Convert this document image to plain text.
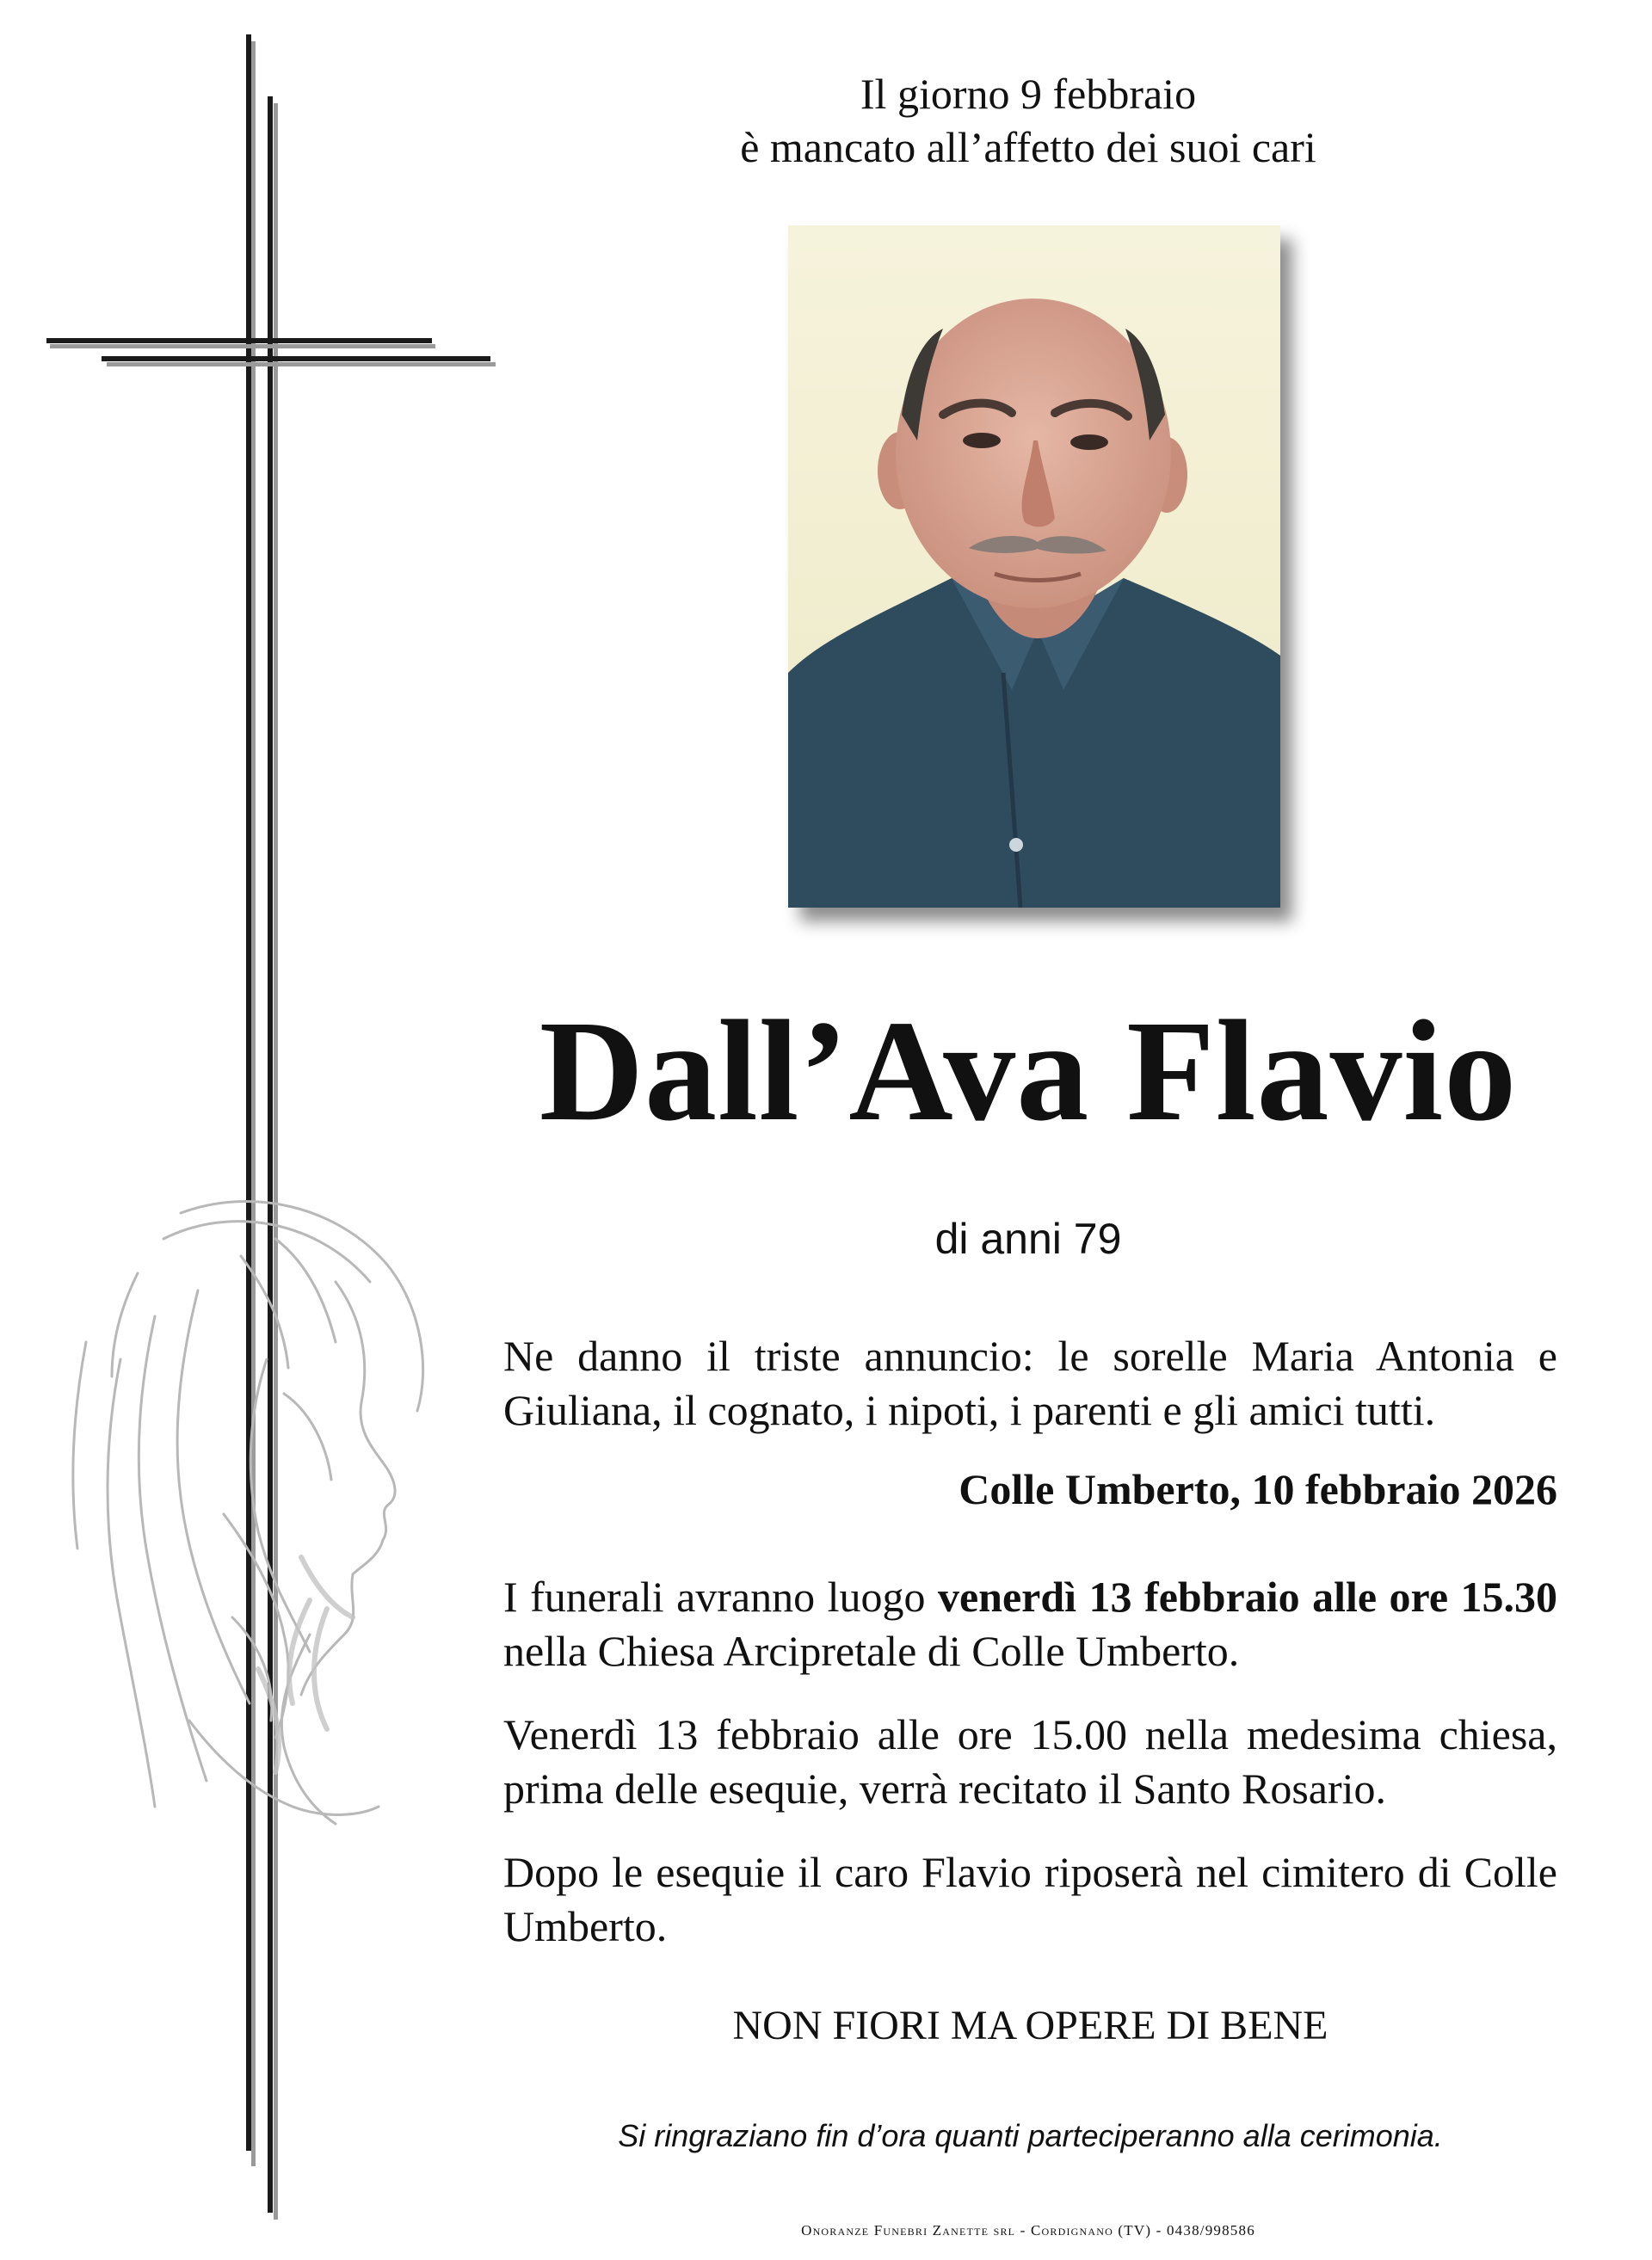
Il giorno 9 febbraio
è mancato all’affetto dei suoi cari
Dall’Ava Flavio
di anni 79
Ne danno il triste annuncio: le sorelle Maria Antonia e Giuliana, il cognato, i nipoti, i parenti e gli amici tutti.
Colle Umberto, 10 febbraio 2026
I funerali avranno luogo venerdì 13 febbraio alle ore 15.30 nella Chiesa Arcipretale di Colle Umberto.
Venerdì 13 febbraio alle ore 15.00 nella medesima chiesa, prima delle esequie, verrà recitato il Santo Rosario.
Dopo le esequie il caro Flavio riposerà nel cimitero di Colle Umberto.
NON FIORI MA OPERE DI BENE
Si ringraziano fin d’ora quanti parteciperanno alla cerimonia.
Onoranze Funebri Zanette srl - Cordignano (TV) - 0438/998586
